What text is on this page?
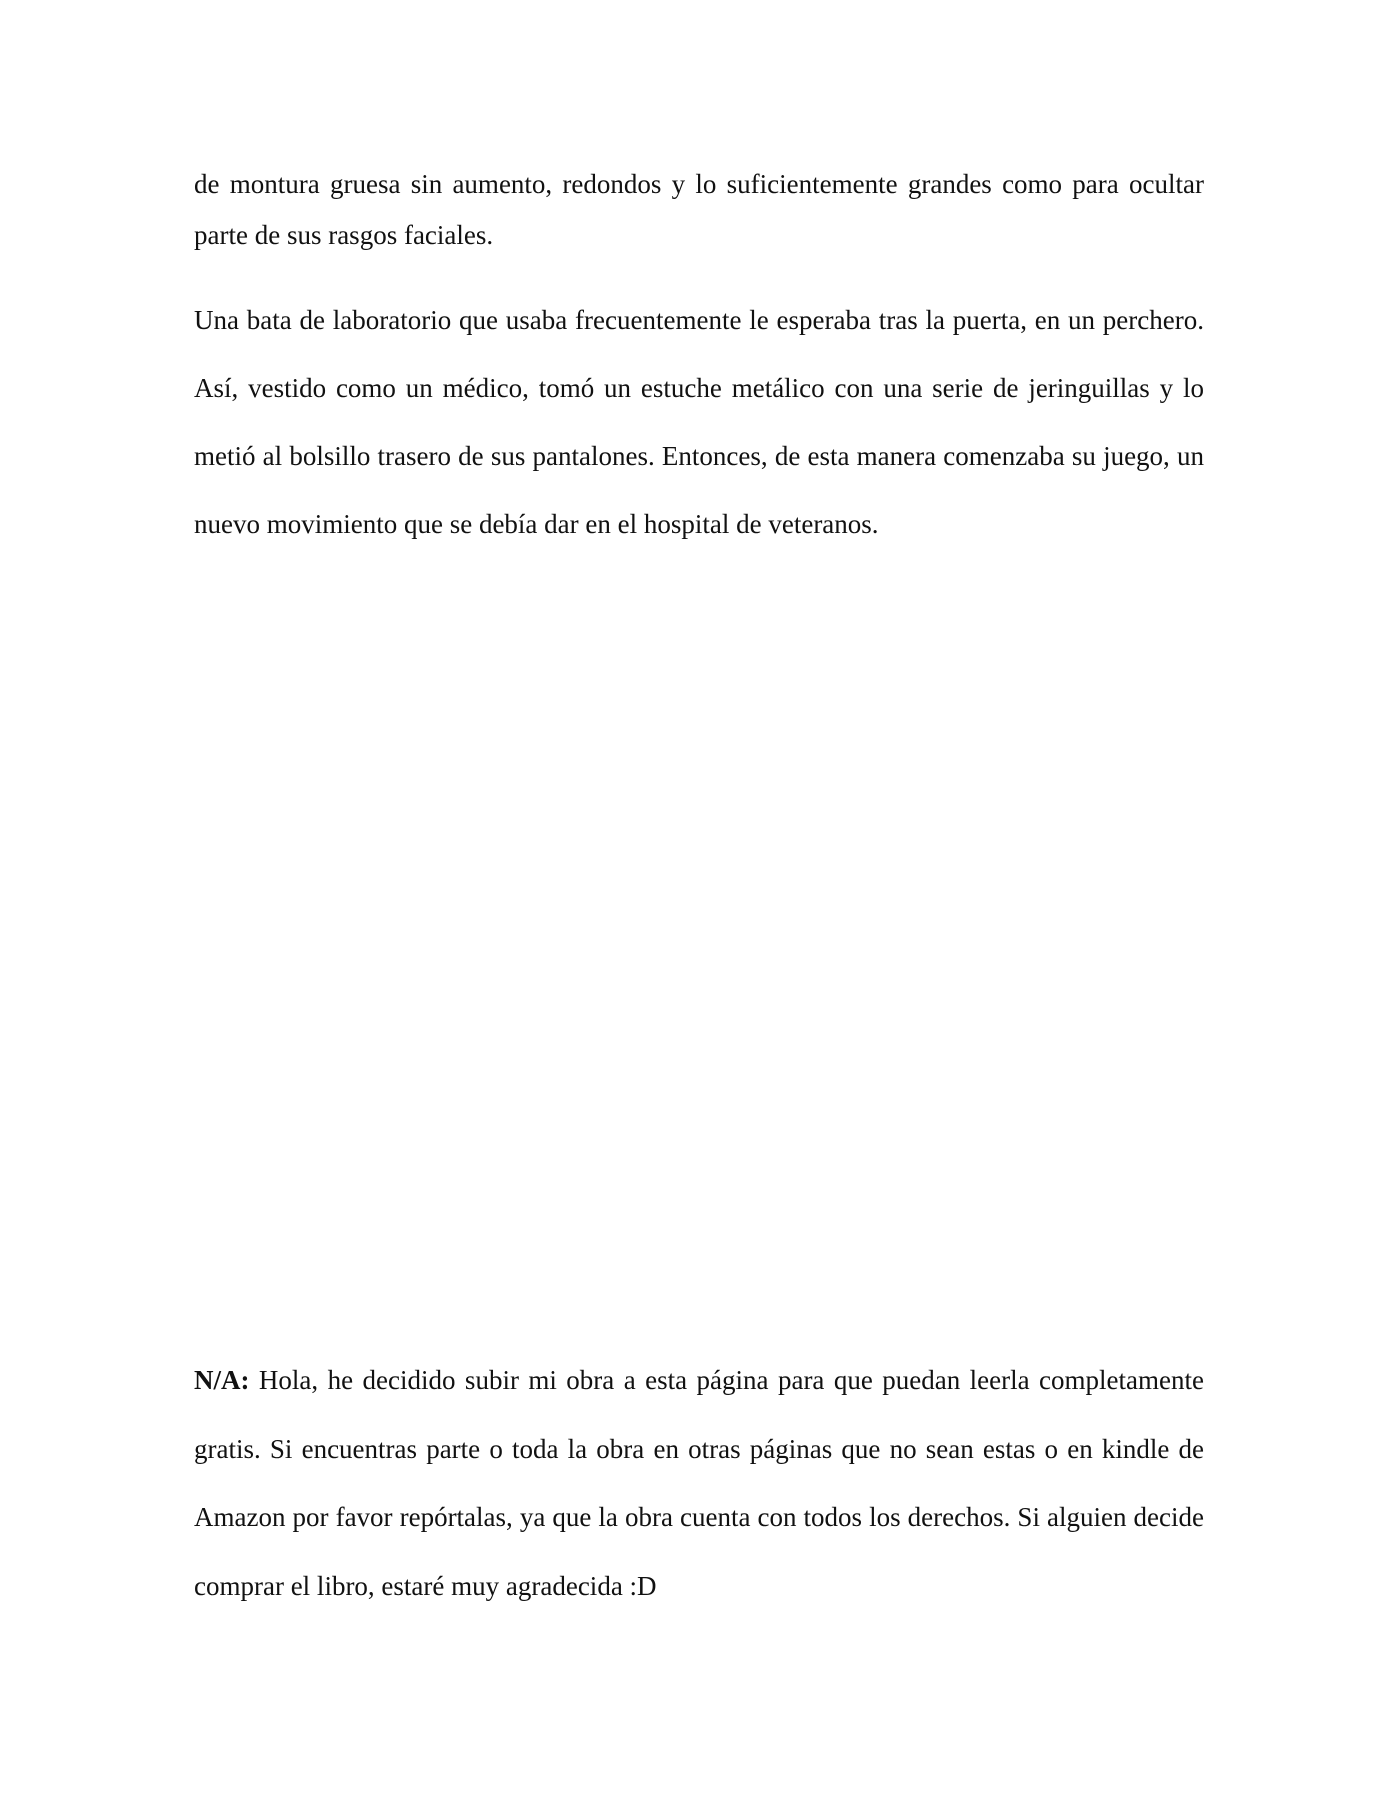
de montura gruesa sin aumento, redondos y lo suficientemente grandes como para ocultar parte de sus rasgos faciales.

Una bata de laboratorio que usaba frecuentemente le esperaba tras la puerta, en un perchero. Así, vestido como un médico, tomó un estuche metálico con una serie de jeringuillas y lo metió al bolsillo trasero de sus pantalones. Entonces, de esta manera comenzaba su juego, un nuevo movimiento que se debía dar en el hospital de veteranos.

N/A: Hola, he decidido subir mi obra a esta página para que puedan leerla completamente gratis. Si encuentras parte o toda la obra en otras páginas que no sean estas o en kindle de Amazon por favor repórtalas, ya que la obra cuenta con todos los derechos. Si alguien decide comprar el libro, estaré muy agradecida :D
